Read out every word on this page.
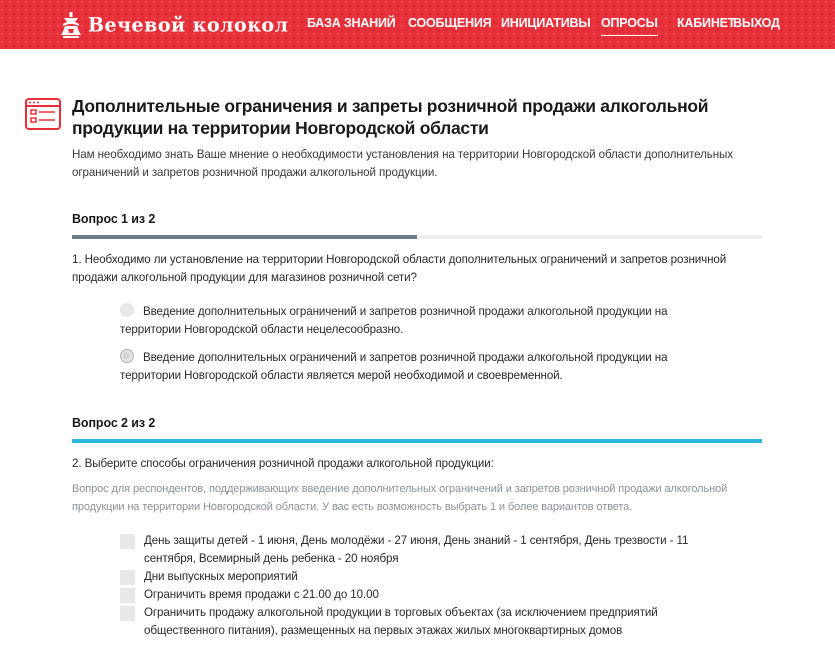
Вечевой колокол БАЗА ЗНАНИЙ СООБЩЕНИЯ ИНИЦИАТИВЫ ОПРОСЫ КАБИНЕТ
ВЫХОД
Дополнительные ограничения и запреты розничной продажи алкогольной продукции на территории Новгородской области
Нам необходимо знать Ваше мнение о необходимости установления на территории Новгородской области дополнительных ограничений и запретов розничной продажи алкогольной продукции.
Вопрос 1 из 2
1. Необходимо ли установление на территории Новгородской области дополнительных ограничений и запретов розничной продажи алкогольной продукции для магазинов розничной сети?
Введение дополнительных ограничений и запретов розничной продажи алкогольной продукции на территории Новгородской области нецелесообразно.
Введение дополнительных ограничений и запретов розничной продажи алкогольной продукции на территории Новгородской области является мерой необходимой и своевременной.
Вопрос 2 из 2
2. Выберите способы ограничения розничной продажи алкогольной продукции:
Вопрос для респондентов, поддерживающих введение дополнительных ограничений и запретов розничной продажи алкогольной продукции на территории Новгородской области. У вас есть возможность выбрать 1 и более вариантов ответа.
День защиты детей - 1 июня, День молодёжи - 27 июня, День знаний - 1 сентября, День трезвости - 11 сентября, Всемирный день ребенка - 20 ноября
Дни выпускных мероприятий
Ограничить время продажи с 21.00 до 10.00
Ограничить продажу алкогольной продукции в торговых объектах (за исключением предприятий общественного питания), размещенных на первых этажах жилых многоквартирных домов
